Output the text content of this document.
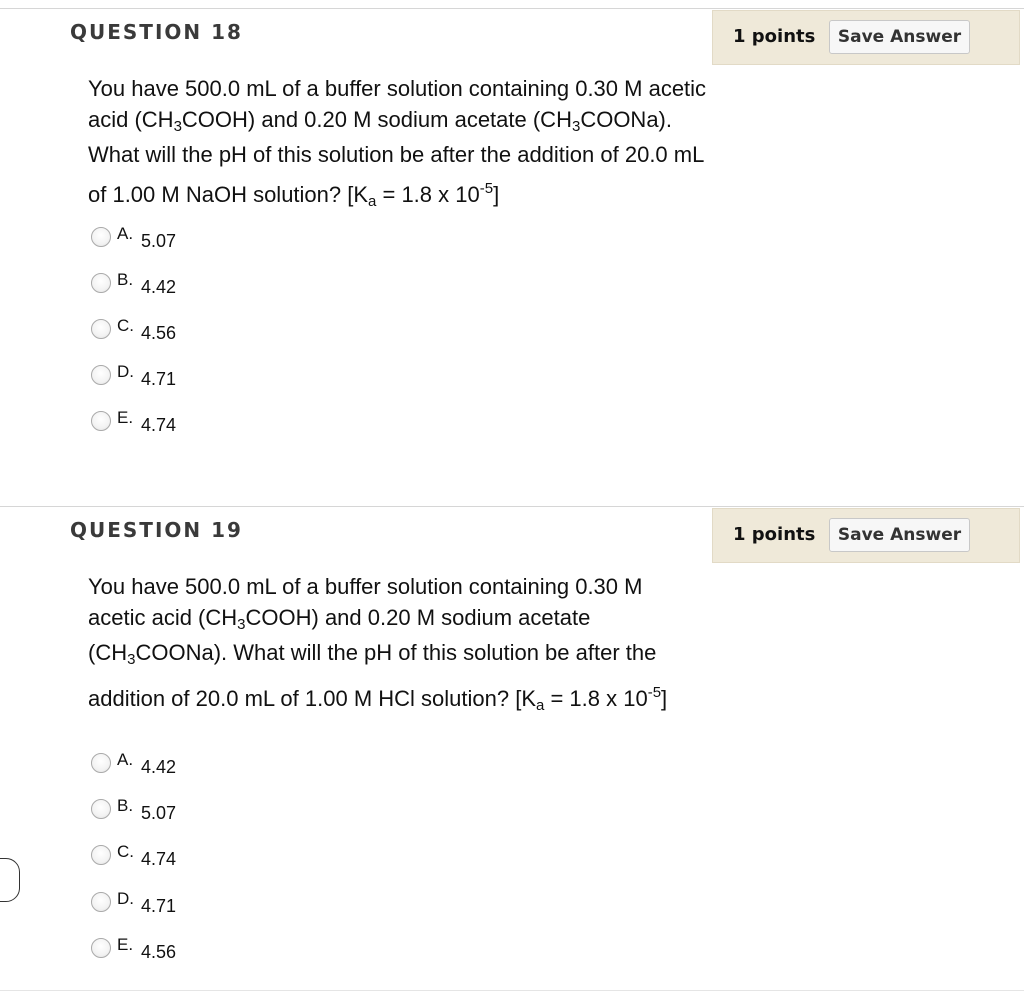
QUESTION 18	1 points	Save Answer
You have 500.0 mL of a buffer solution containing 0.30 M acetic
acid $(CH_3COOH)$ and 0.20 M sodium acetate $(CH_3COONa)$.
What will the pH of this solution be after the addition of 20.0 mL
of 1.00 M NaOH solution? [$K_a = 1.8$ x $10^{-5}$]
A. 5.07
B. 4.42
C. 4.56
D. 4.71
E. 4.74
QUESTION 19	1 points	Save Answer
You have 500.0 mL of a buffer solution containing 0.30 M
acetic acid $(CH_3COOH)$ and 0.20 M sodium acetate
$(CH_3COONa)$. What will the pH of this solution be after the
addition of 20.0 mL of 1.00 M HCl solution? [$K_a = 1.8$ x $10^{-5}$]
A. 4.42
B. 5.07
C. 4.74
D. 4.71
E. 4.56
